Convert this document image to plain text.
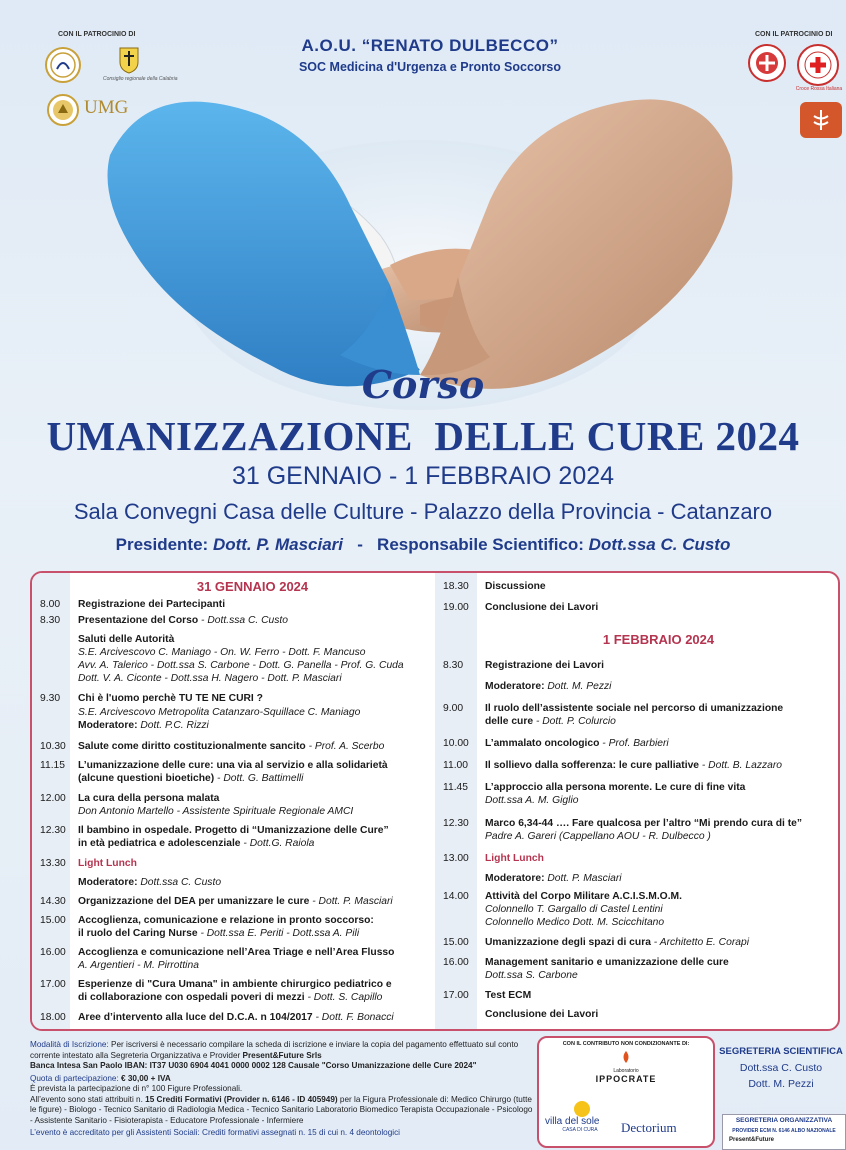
CON IL PATROCINIO DI	CON IL PATROCINIO DI
Consiglio regionale della Calabria
UMG
A.O.U. “RENATO DULBECCO”
SOC Medicina d'Urgenza e Pronto Soccorso
Croce Rossa Italiana
Corso
UMANIZZAZIONE  DELLE CURE 2024
31 GENNAIO - 1 FEBBRAIO 2024
Sala Convegni Casa delle Culture - Palazzo della Provincia - Catanzaro
Presidente: Dott. P. Masciari - Responsabile Scientifico: Dott.ssa C. Custo
31 GENNAIO 2024
8.00	Registrazione dei Partecipanti
8.30	Presentazione del Corso - Dott.ssa C. Custo
Saluti delle Autorità
S.E. Arcivescovo C. Maniago - On. W. Ferro - Dott. F. Mancuso
Avv. A. Talerico - Dott.ssa S. Carbone - Dott. G. Panella - Prof. G. Cuda
Dott. V. A. Ciconte - Dott.ssa H. Nagero - Dott. P. Masciari
9.30	Chi è l'uomo perchè TU TE NE CURI ?
S.E. Arcivescovo Metropolita Catanzaro-Squillace C. Maniago
Moderatore: Dott. P.C. Rizzi
10.30	Salute come diritto costituzionalmente sancito - Prof. A. Scerbo
11.15	L’umanizzazione delle cure: una via al servizio e alla solidarietà
(alcune questioni bioetiche) - Dott. G. Battimelli
12.00	La cura della persona malata
Don Antonio Martello - Assistente Spirituale Regionale AMCI
12.30	Il bambino in ospedale. Progetto di “Umanizzazione delle Cure”
in età pediatrica e adolescenziale - Dott.G. Raiola
13.30	Light Lunch
Moderatore: Dott.ssa C. Custo
14.30	Organizzazione del DEA per umanizzare le cure - Dott. P. Masciari
15.00	Accoglienza, comunicazione e relazione in pronto soccorso:
il ruolo del Caring Nurse - Dott.ssa E. Periti - Dott.ssa A. Pili
16.00	Accoglienza e comunicazione nell’Area Triage e nell’Area Flusso
A. Argentieri - M. Pirrottina
17.00	Esperienze di "Cura Umana" in ambiente chirurgico pediatrico e
di collaborazione con ospedali poveri di mezzi - Dott. S. Capillo
18.00	Aree d’intervento alla luce del D.C.A. n 104/2017 - Dott. F. Bonacci
18.30	Discussione
19.00	Conclusione dei Lavori
8.30	Registrazione dei Lavori
Moderatore: Dott. M. Pezzi
9.00	Il ruolo dell’assistente sociale nel percorso di umanizzazione
delle cure - Dott. P. Colurcio
10.00	L’ammalato oncologico - Prof. Barbieri
11.00	Il sollievo dalla sofferenza: le cure palliative - Dott. B. Lazzaro
11.45	L’approccio alla persona morente. Le cure di fine vita
Dott.ssa A. M. Giglio
12.30	Marco 6,34-44 …. Fare qualcosa per l’altro “Mi prendo cura di te”
Padre A. Gareri (Cappellano AOU - R. Dulbecco )
13.00	Light Lunch
Moderatore: Dott. P. Masciari
14.00	Attività del Corpo Militare A.C.I.S.M.O.M.
Colonnello T. Gargallo di Castel Lentini
Colonnello Medico Dott. M. Scicchitano
15.00	Umanizzazione degli spazi di cura - Architetto E. Corapi
16.00	Management sanitario e umanizzazione delle cure
Dott.ssa S. Carbone
17.00	Test ECM
Conclusione dei Lavori
1 FEBBRAIO 2024
Modalità di Iscrizione: Per iscriversi è necessario compilare la scheda di iscrizione e inviare la copia del pagamento effettuato sul conto corrente intestato alla Segreteria Organizzativa e Provider Present&Future Srls
Banca Intesa San Paolo IBAN: IT37 U030 6904 4041 0000 0002 128 Causale "Corso Umanizzazione delle Cure 2024"
Quota di partecipazione: € 30,00 + IVA
È prevista la partecipazione di n° 100 Figure Professionali.
All’evento sono stati attribuiti n. 15 Crediti Formativi (Provider n. 6146 - ID 405949) per la Figura Professionale di: Medico Chirurgo (tutte le figure) - Biologo - Tecnico Sanitario di Radiologia Medica - Tecnico Sanitario Laboratorio Biomedico Terapista Occupazionale - Psicologo - Assistente Sanitario - Fisioterapista - Educatore Professionale - Infermiere
L’evento è accreditato per gli Assistenti Sociali: Crediti formativi assegnati n. 15 di cui n. 4 deontologici
CON IL CONTRIBUTO NON CONDIZIONANTE DI:
Laboratorio
IPPOCRATE
villa del sole
CASA DI CURA	Dectorium
SEGRETERIA SCIENTIFICA
Dott.ssa C. Custo
Dott. M. Pezzi
SEGRETERIA ORGANIZZATIVA
PROVIDER ECM N. 6146 ALBO NAZIONALE
Present&Future
